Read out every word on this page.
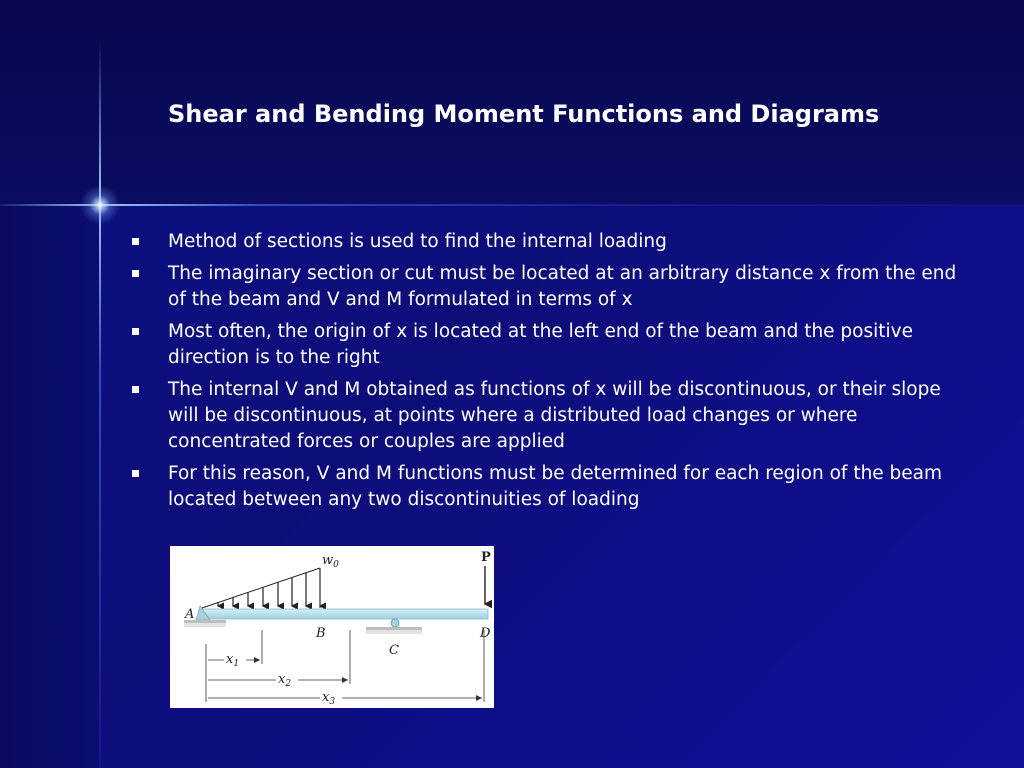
Shear and Bending Moment Functions and Diagrams
Method of sections is used to find the internal loading
The imaginary section or cut must be located at an arbitrary distance x from the end of the beam and V and M formulated in terms of x
Most often, the origin of x is located at the left end of the beam and the positive direction is to the right
The internal V and M obtained as functions of x will be discontinuous, or their slope will be discontinuous, at points where a distributed load changes or where concentrated forces or couples are applied
For this reason, V and M functions must be determined for each region of the beam located between any two discontinuities of loading
$w_0$	P
A
C
B	D
$x_1$
$x_2$
$x_3$
